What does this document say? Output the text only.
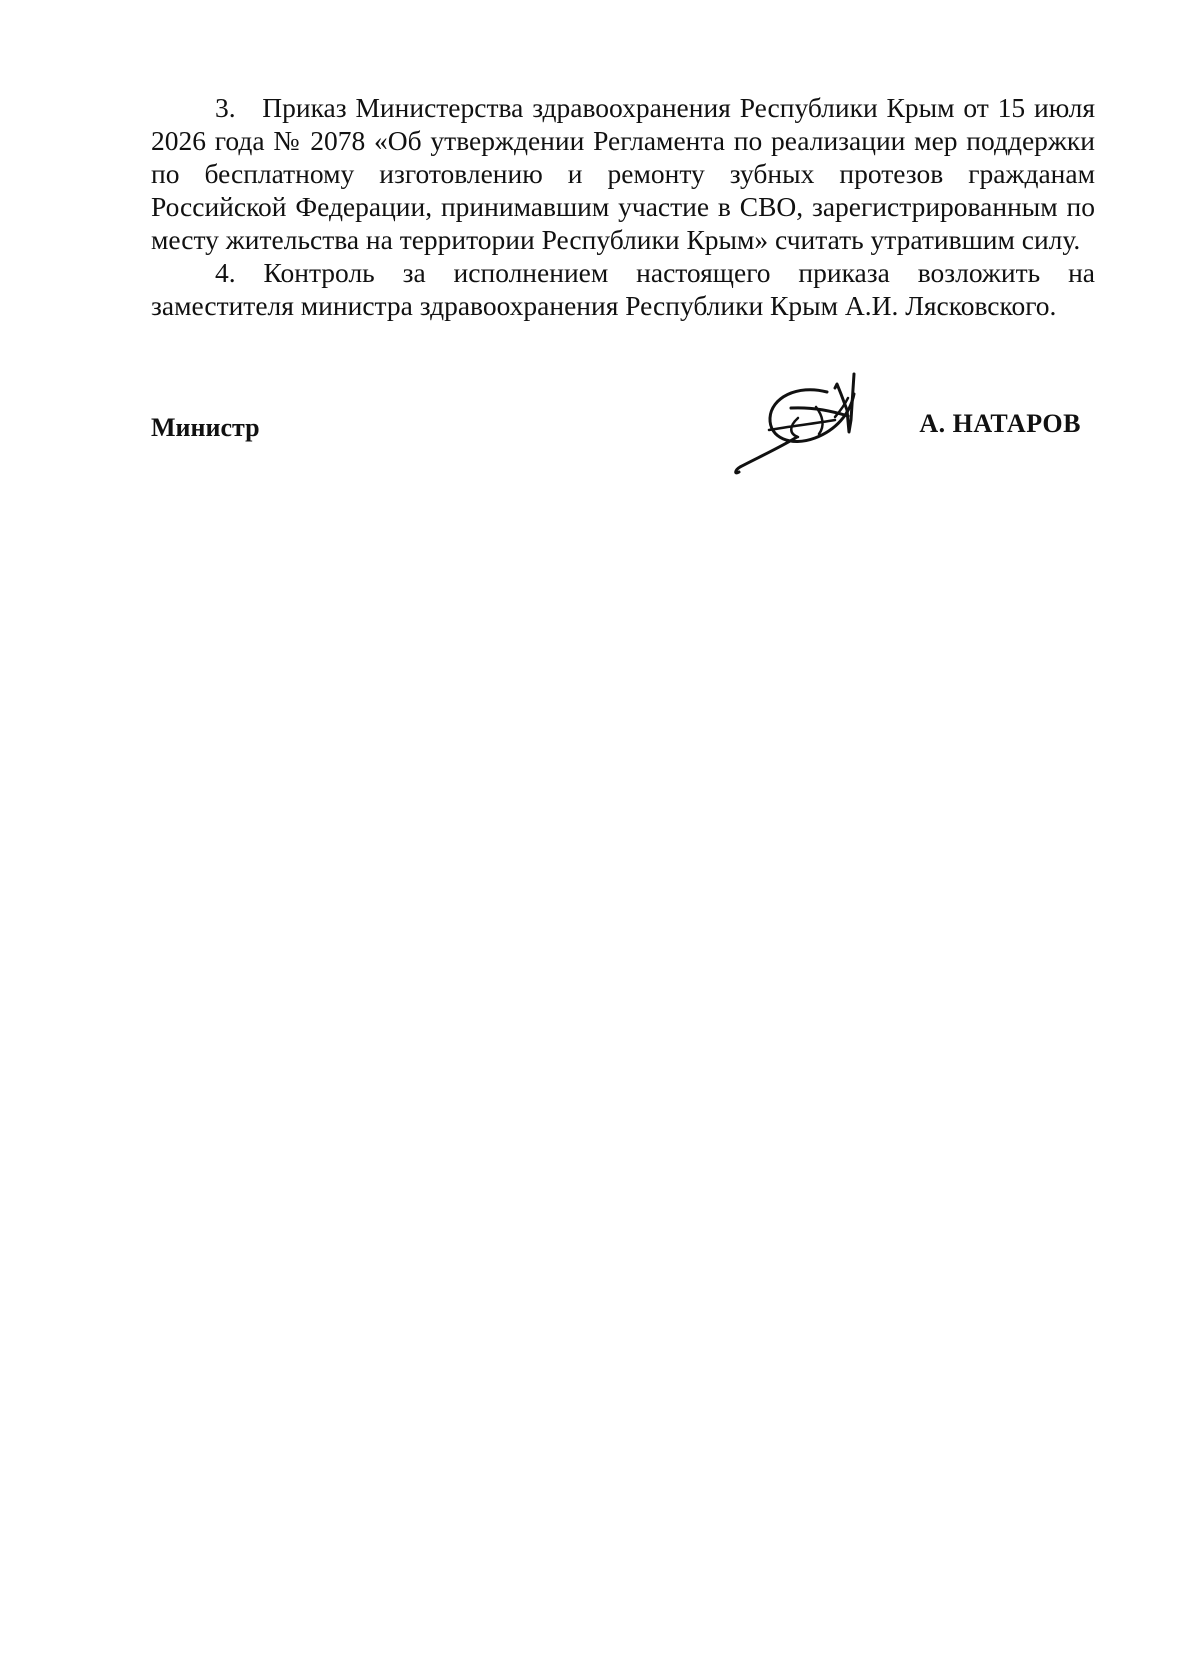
3. Приказ Министерства здравоохранения Республики Крым от 15 июля 2026 года № 2078 «Об утверждении Регламента по реализации мер поддержки по бесплатному изготовлению и ремонту зубных протезов гражданам Российской Федерации, принимавшим участие в СВО, зарегистрированным по месту жительства на территории Республики Крым» считать утратившим силу.

4. Контроль за исполнением настоящего приказа возложить на заместителя министра здравоохранения Республики Крым А.И. Лясковского.

Министр	А. НАТАРОВ
